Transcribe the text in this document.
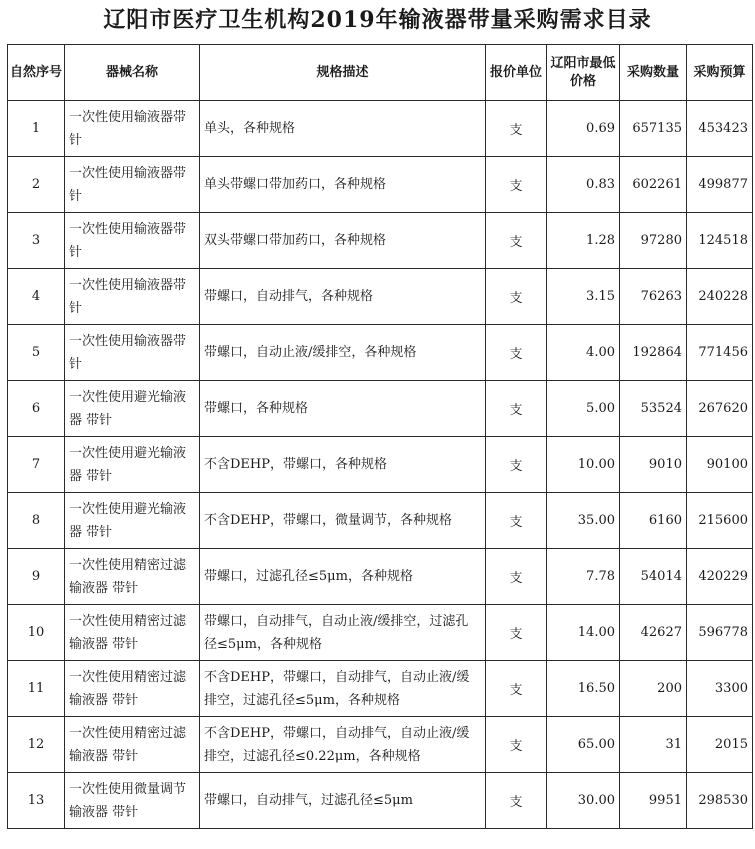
辽阳市医疗卫生机构2019年输液器带量采购需求目录
自然序号	器械名称	规格描述	报价单位	辽阳市最低价格	采购数量	采购预算
1	一次性使用输液器带针	单头，各种规格	支	0.69	657135	453423
2	一次性使用输液器带针	单头带螺口带加药口，各种规格	支	0.83	602261	499877
3	一次性使用输液器带针	双头带螺口带加药口，各种规格	支	1.28	97280	124518
4	一次性使用输液器带针	带螺口，自动排气，各种规格	支	3.15	76263	240228
5	一次性使用输液器带针	带螺口，自动止液/缓排空，各种规格	支	4.00	192864	771456
6	一次性使用避光输液器 带针	带螺口，各种规格	支	5.00	53524	267620
7	一次性使用避光输液器 带针	不含DEHP，带螺口，各种规格	支	10.00	9010	90100
8	一次性使用避光输液器 带针	不含DEHP，带螺口，微量调节，各种规格	支	35.00	6160	215600
9	一次性使用精密过滤输液器 带针	带螺口，过滤孔径≤5μm，各种规格	支	7.78	54014	420229
10	一次性使用精密过滤输液器 带针	带螺口，自动排气，自动止液/缓排空，过滤孔径≤5μm，各种规格	支	14.00	42627	596778
11	一次性使用精密过滤输液器 带针	不含DEHP，带螺口，自动排气，自动止液/缓排空，过滤孔径≤5μm，各种规格	支	16.50	200	3300
12	一次性使用精密过滤输液器 带针	不含DEHP，带螺口，自动排气，自动止液/缓排空，过滤孔径≤0.22μm，各种规格	支	65.00	31	2015
13	一次性使用微量调节输液器 带针	带螺口，自动排气，过滤孔径≤5μm	支	30.00	9951	298530
